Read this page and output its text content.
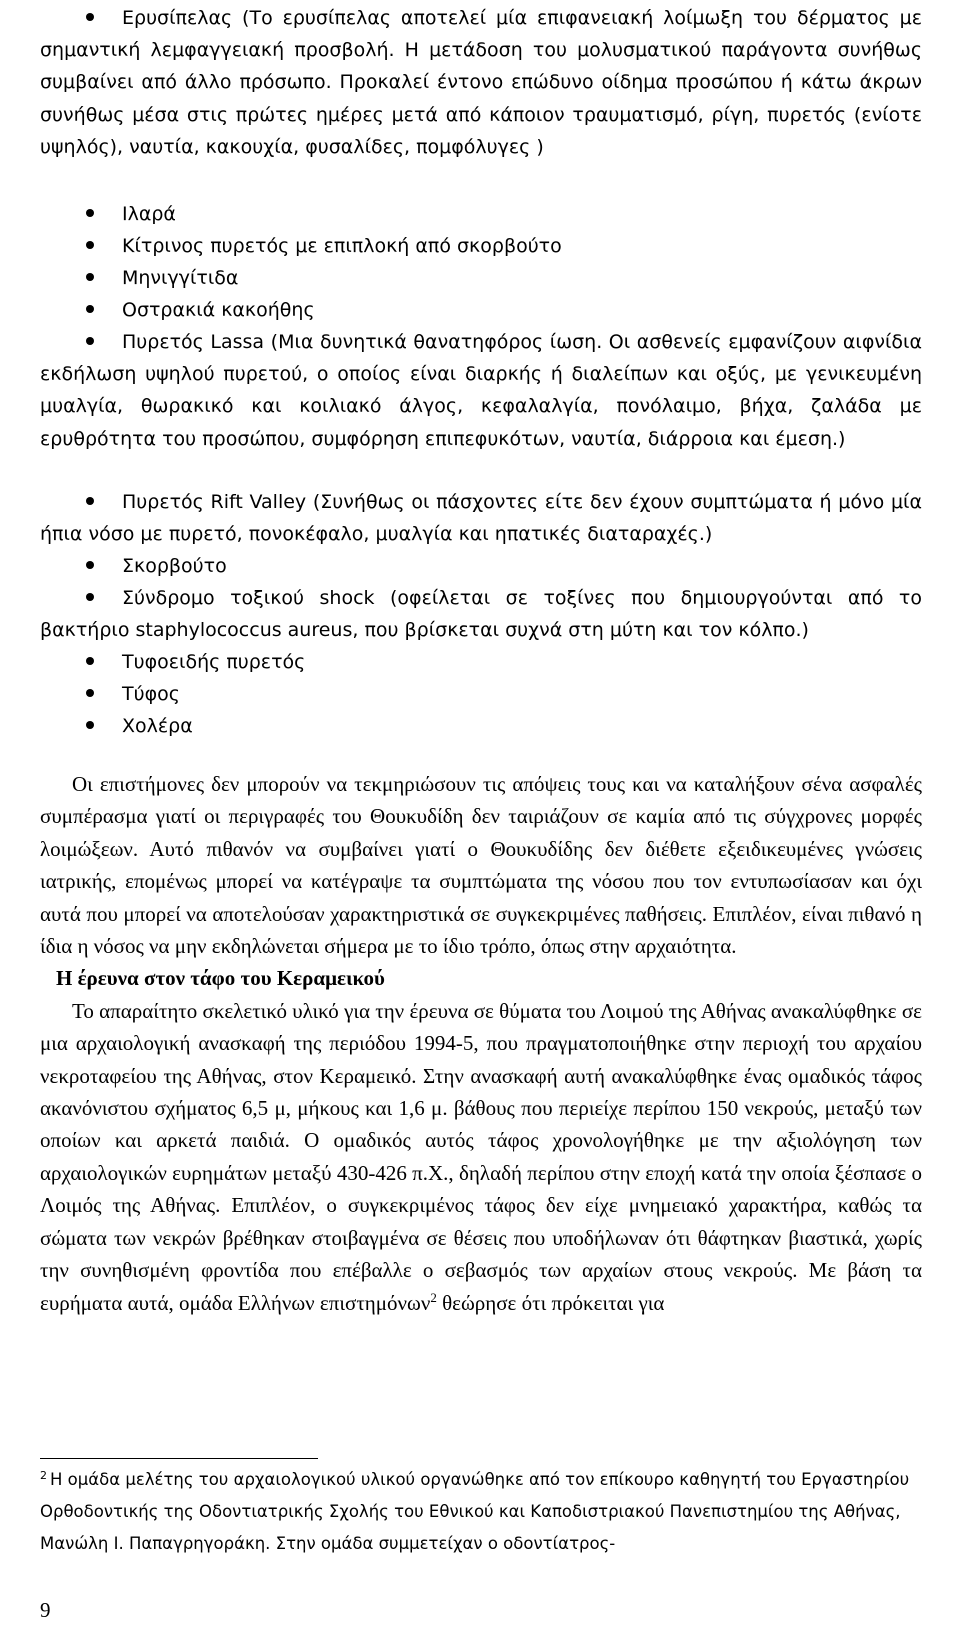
Ερυσίπελας (Το ερυσίπελας αποτελεί μία επιφανειακή λοίμωξη του δέρματος με σημαντική λεμφαγγειακή προσβολή. Η μετάδοση του μολυσματικού παράγοντα συνήθως συμβαίνει από άλλο πρόσωπο. Προκαλεί έντονο επώδυνο οίδημα προσώπου ή κάτω άκρων συνήθως μέσα στις πρώτες ημέρες μετά από κάποιον τραυματισμό, ρίγη, πυρετός (ενίοτε υψηλός), ναυτία, κακουχία, φυσαλίδες, πομφόλυγες )
Ιλαρά
Κίτρινος πυρετός με επιπλοκή από σκορβούτο
Μηνιγγίτιδα
Οστρακιά κακοήθης
Πυρετός Lassa (Μια δυνητικά θανατηφόρος ίωση. Οι ασθενείς εμφανίζουν αιφνίδια εκδήλωση υψηλού πυρετού, ο οποίος είναι διαρκής ή διαλείπων και οξύς, με γενικευμένη μυαλγία, θωρακικό και κοιλιακό άλγος, κεφαλαλγία, πονόλαιμο, βήχα, ζαλάδα με ερυθρότητα του προσώπου, συμφόρηση επιπεφυκότων, ναυτία, διάρροια και έμεση.)
Πυρετός Rift Valley (Συνήθως οι πάσχοντες είτε δεν έχουν συμπτώματα ή μόνο μία ήπια νόσο με πυρετό, πονοκέφαλο, μυαλγία και ηπατικές διαταραχές.)
Σκορβούτο
Σύνδρομο τοξικού shock (οφείλεται σε τοξίνες που δημιουργούνται από το βακτήριο staphylococcus aureus, που βρίσκεται συχνά στη μύτη και τον κόλπο.)
Τυφοειδής πυρετός
Τύφος
Χολέρα

Οι επιστήμονες δεν μπορούν να τεκμηριώσουν τις απόψεις τους και να καταλήξουν σένα ασφαλές συμπέρασμα γιατί οι περιγραφές του Θουκυδίδη δεν ταιριάζουν σε καμία από τις σύγχρονες μορφές λοιμώξεων. Αυτό πιθανόν να συμβαίνει γιατί ο Θουκυδίδης δεν διέθετε εξειδικευμένες γνώσεις ιατρικής, επομένως μπορεί να κατέγραψε τα συμπτώματα της νόσου που τον εντυπωσίασαν και όχι αυτά που μπορεί να αποτελούσαν χαρακτηριστικά σε συγκεκριμένες παθήσεις. Επιπλέον, είναι πιθανό η ίδια η νόσος να μην εκδηλώνεται σήμερα με το ίδιο τρόπο, όπως στην αρχαιότητα.

Η έρευνα στον τάφο του Κεραμεικού

Το απαραίτητο σκελετικό υλικό για την έρευνα σε θύματα του Λοιμού της Αθήνας ανακαλύφθηκε σε μια αρχαιολογική ανασκαφή της περιόδου 1994-5, που πραγματοποιήθηκε στην περιοχή του αρχαίου νεκροταφείου της Αθήνας, στον Κεραμεικό. Στην ανασκαφή αυτή ανακαλύφθηκε ένας ομαδικός τάφος ακανόνιστου σχήματος 6,5 μ, μήκους και 1,6 μ. βάθους που περιείχε περίπου 150 νεκρούς, μεταξύ των οποίων και αρκετά παιδιά. Ο ομαδικός αυτός τάφος χρονολογήθηκε με την αξιολόγηση των αρχαιολογικών ευρημάτων μεταξύ 430-426 π.Χ., δηλαδή περίπου στην εποχή κατά την οποία ξέσπασε ο Λοιμός της Αθήνας. Επιπλέον, ο συγκεκριμένος τάφος δεν είχε μνημειακό χαρακτήρα, καθώς τα σώματα των νεκρών βρέθηκαν στοιβαγμένα σε θέσεις που υποδήλωναν ότι θάφτηκαν βιαστικά, χωρίς την συνηθισμένη φροντίδα που επέβαλλε ο σεβασμός των αρχαίων στους νεκρούς. Με βάση τα ευρήματα αυτά, ομάδα Ελλήνων επιστημόνων$^2$ θεώρησε ότι πρόκειται για

$^2$ Η ομάδα μελέτης του αρχαιολογικού υλικού οργανώθηκε από τον επίκουρο καθηγητή του Εργαστηρίου Ορθοδοντικής της Οδοντιατρικής Σχολής του Εθνικού και Καποδιστριακού Πανεπιστημίου της Αθήνας, Μανώλη Ι. Παπαγρηγοράκη. Στην ομάδα συμμετείχαν ο οδοντίατρος-
9
